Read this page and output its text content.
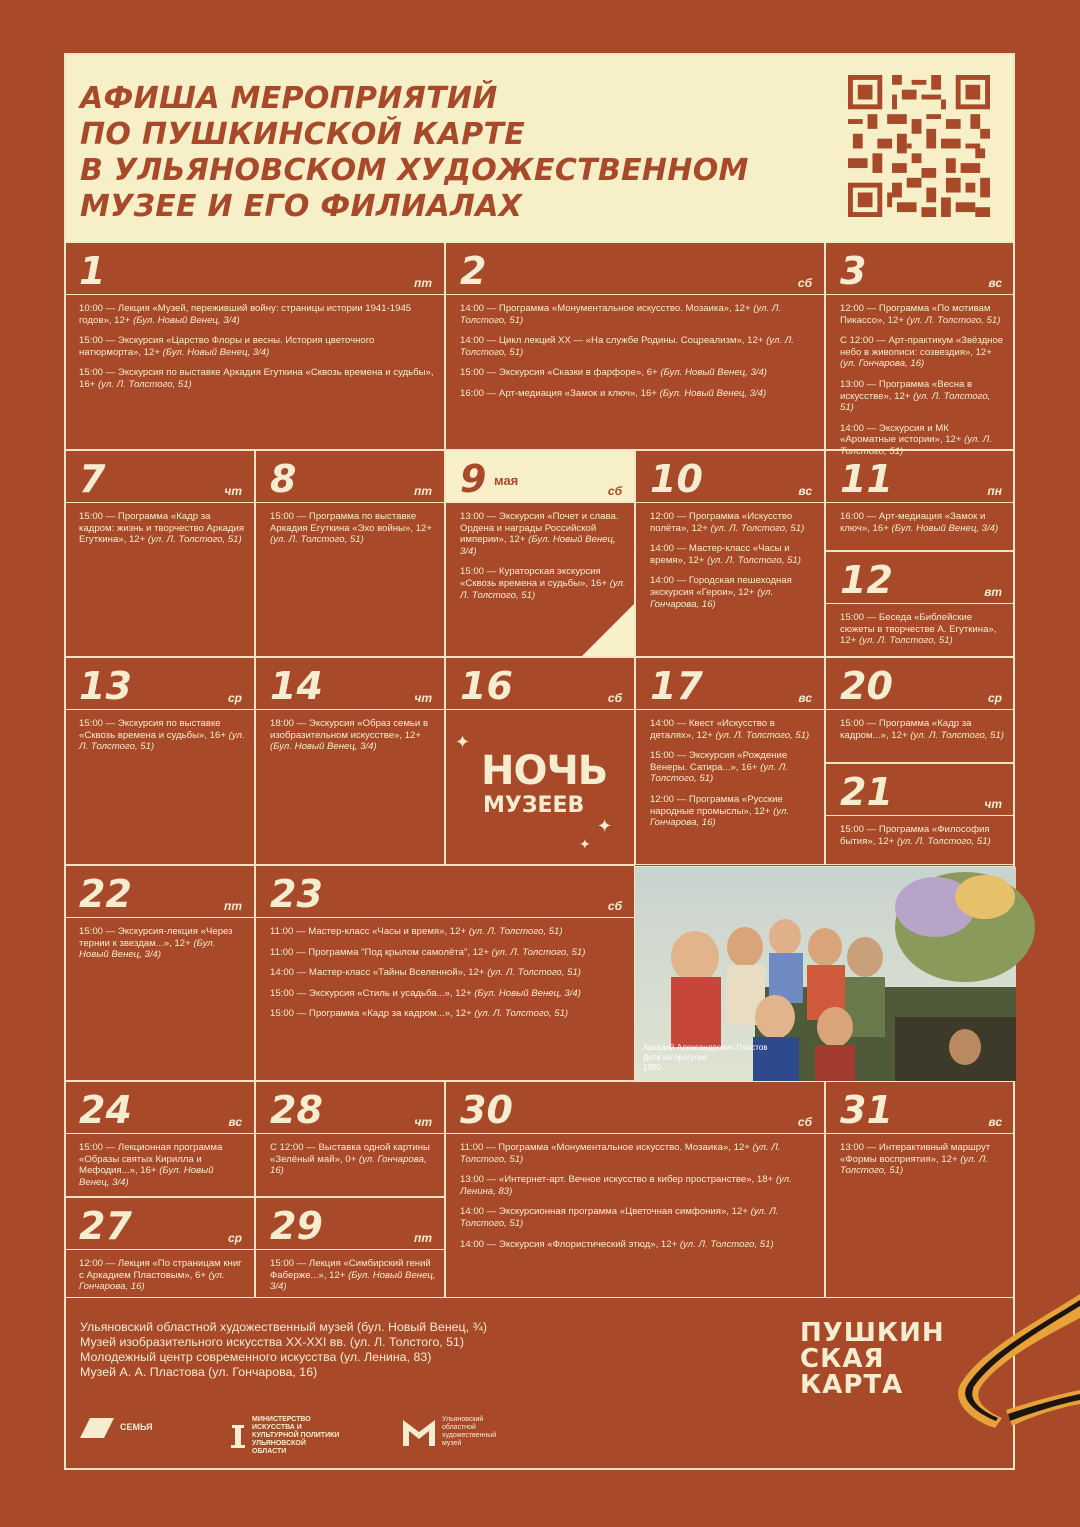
АФИША МЕРОПРИЯТИЙ
ПО ПУШКИНСКОЙ КАРТЕ
В УЛЬЯНОВСКОМ ХУДОЖЕСТВЕННОМ
МУЗЕЕ И ЕГО ФИЛИАЛАХ
1	пт
10:00 — Лекция «Музей, переживший войну: страницы истории 1941-1945 годов», 12+ (Бул. Новый Венец, 3/4)
15:00 — Экскурсия «Царство Флоры и весны. История цветочного натюрморта», 12+ (Бул. Новый Венец, 3/4)
15:00 — Экскурсия по выставке Аркадия Егуткина «Сквозь времена и судьбы», 16+ (ул. Л. Толстого, 51)
2	сб
14:00 — Программа «Монументальное искусство. Мозаика», 12+ (ул. Л. Толстого, 51)
14:00 — Цикл лекций XX — «На службе Родины. Соцреализм», 12+ (ул. Л. Толстого, 51)
15:00 — Экскурсия «Сказки в фарфоре», 6+ (Бул. Новый Венец, 3/4)
16:00 — Арт-медиация «Замок и ключ», 16+ (Бул. Новый Венец, 3/4)
3	вс
12:00 — Программа «По мотивам Пикассо», 12+ (ул. Л. Толстого, 51)
С 12:00 — Арт-практикум «Звёздное небо в живописи: созвездия», 12+ (ул. Гончарова, 16)
13:00 — Программа «Весна в искусстве», 12+ (ул. Л. Толстого, 51)
14:00 — Экскурсия и МК «Ароматные истории», 12+ (ул. Л. Толстого, 51)
7	чт
15:00 — Программа «Кадр за кадром: жизнь и творчество Аркадия Егуткина», 12+ (ул. Л. Толстого, 51)
8	пт
15:00 — Программа по выставке Аркадия Егуткина «Эхо войны», 12+ (ул. Л. Толстого, 51)
9 мая
сб
13:00 — Экскурсия «Почет и слава. Ордена и награды Российской империи», 12+ (Бул. Новый Венец, 3/4)
15:00 — Кураторская экскурсия «Сквозь времена и судьбы», 16+ (ул. Л. Толстого, 51)
10	вс
12:00 — Программа «Искусство полёта», 12+ (ул. Л. Толстого, 51)
14:00 — Мастер-класс «Часы и время», 12+ (ул. Л. Толстого, 51)
14:00 — Городская пешеходная экскурсия «Герои», 12+ (ул. Гончарова, 16)
11	пн
16:00 — Арт-медиация «Замок и ключ», 16+ (Бул. Новый Венец, 3/4)
12	вт
15:00 — Беседа «Библейские сюжеты в творчестве А. Егуткина», 12+ (ул. Л. Толстого, 51)
13	ср
15:00 — Экскурсия по выставке «Сквозь времена и судьбы», 16+ (ул. Л. Толстого, 51)
14	чт
18:00 — Экскурсия «Образ семьи в изобразительном искусстве», 12+ (Бул. Новый Венец, 3/4)
16	сб
✦
НОЧЬ
МУЗЕЕВ
✦
✦
17	вс
14:00 — Квест «Искусство в деталях», 12+ (ул. Л. Толстого, 51)
15:00 — Экскурсия «Рождение Венеры. Сатира...», 16+ (ул. Л. Толстого, 51)
12:00 — Программа «Русские народные промыслы», 12+ (ул. Гончарова, 16)
20	ср
15:00 — Программа «Кадр за кадром...», 12+ (ул. Л. Толстого, 51)
21	чт
15:00 — Программа «Философия бытия», 12+ (ул. Л. Толстого, 51)
22	пт
15:00 — Экскурсия-лекция «Через тернии к звездам...», 12+ (Бул. Новый Венец, 3/4)
23	сб
11:00 — Мастер-класс «Часы и время», 12+ (ул. Л. Толстого, 51)
11:00 — Программа "Под крылом самолёта", 12+ (ул. Л. Толстого, 51)
14:00 — Мастер-класс «Тайны Вселенной», 12+ (ул. Л. Толстого, 51)
15:00 — Экскурсия «Стиль и усадьба...», 12+ (Бул. Новый Венец, 3/4)
15:00 — Программа «Кадр за кадром...», 12+ (ул. Л. Толстого, 51)
Аркадий Александрович Пластов
Дети на прогулке
1950
24	вс
15:00 — Лекционная программа «Образы святых Кирилла и Мефодия...», 16+ (Бул. Новый Венец, 3/4)
27	ср
12:00 — Лекция «По страницам книг с Аркадием Пластовым», 6+ (ул. Гончарова, 16)
28	чт
С 12:00 — Выставка одной картины «Зелёный май», 0+ (ул. Гончарова, 16)
29	пт
15:00 — Лекция «Симбирский гений Фаберже...», 12+ (Бул. Новый Венец, 3/4)
30	сб
11:00 — Программа «Монументальное искусство. Мозаика», 12+ (ул. Л. Толстого, 51)
13:00 — «Интернет-арт. Вечное искусство в кибер пространстве», 18+ (ул. Ленина, 83)
14:00 — Экскурсионная программа «Цветочная симфония», 12+ (ул. Л. Толстого, 51)
14:00 — Экскурсия «Флористический этюд», 12+ (ул. Л. Толстого, 51)
31	вс
13:00 — Интерактивный маршрут «Формы восприятия», 12+ (ул. Л. Толстого, 51)
Ульяновский областной художественный музей (бул. Новый Венец, ¾)
Музей изобразительного искусства XX-XXI вв. (ул. Л. Толстого, 51)
Молодежный центр современного искусства (ул. Ленина, 83)
Музей А. А. Пластова (ул. Гончарова, 16)
ПУШКИН
СКАЯ
КАРТА
СЕМЬЯ
МИНИСТЕРСТВО ИСКУССТВА И КУЛЬТУРНОЙ ПОЛИТИКИ УЛЬЯНОВСКОЙ ОБЛАСТИ
Ульяновский областной художественный музей
